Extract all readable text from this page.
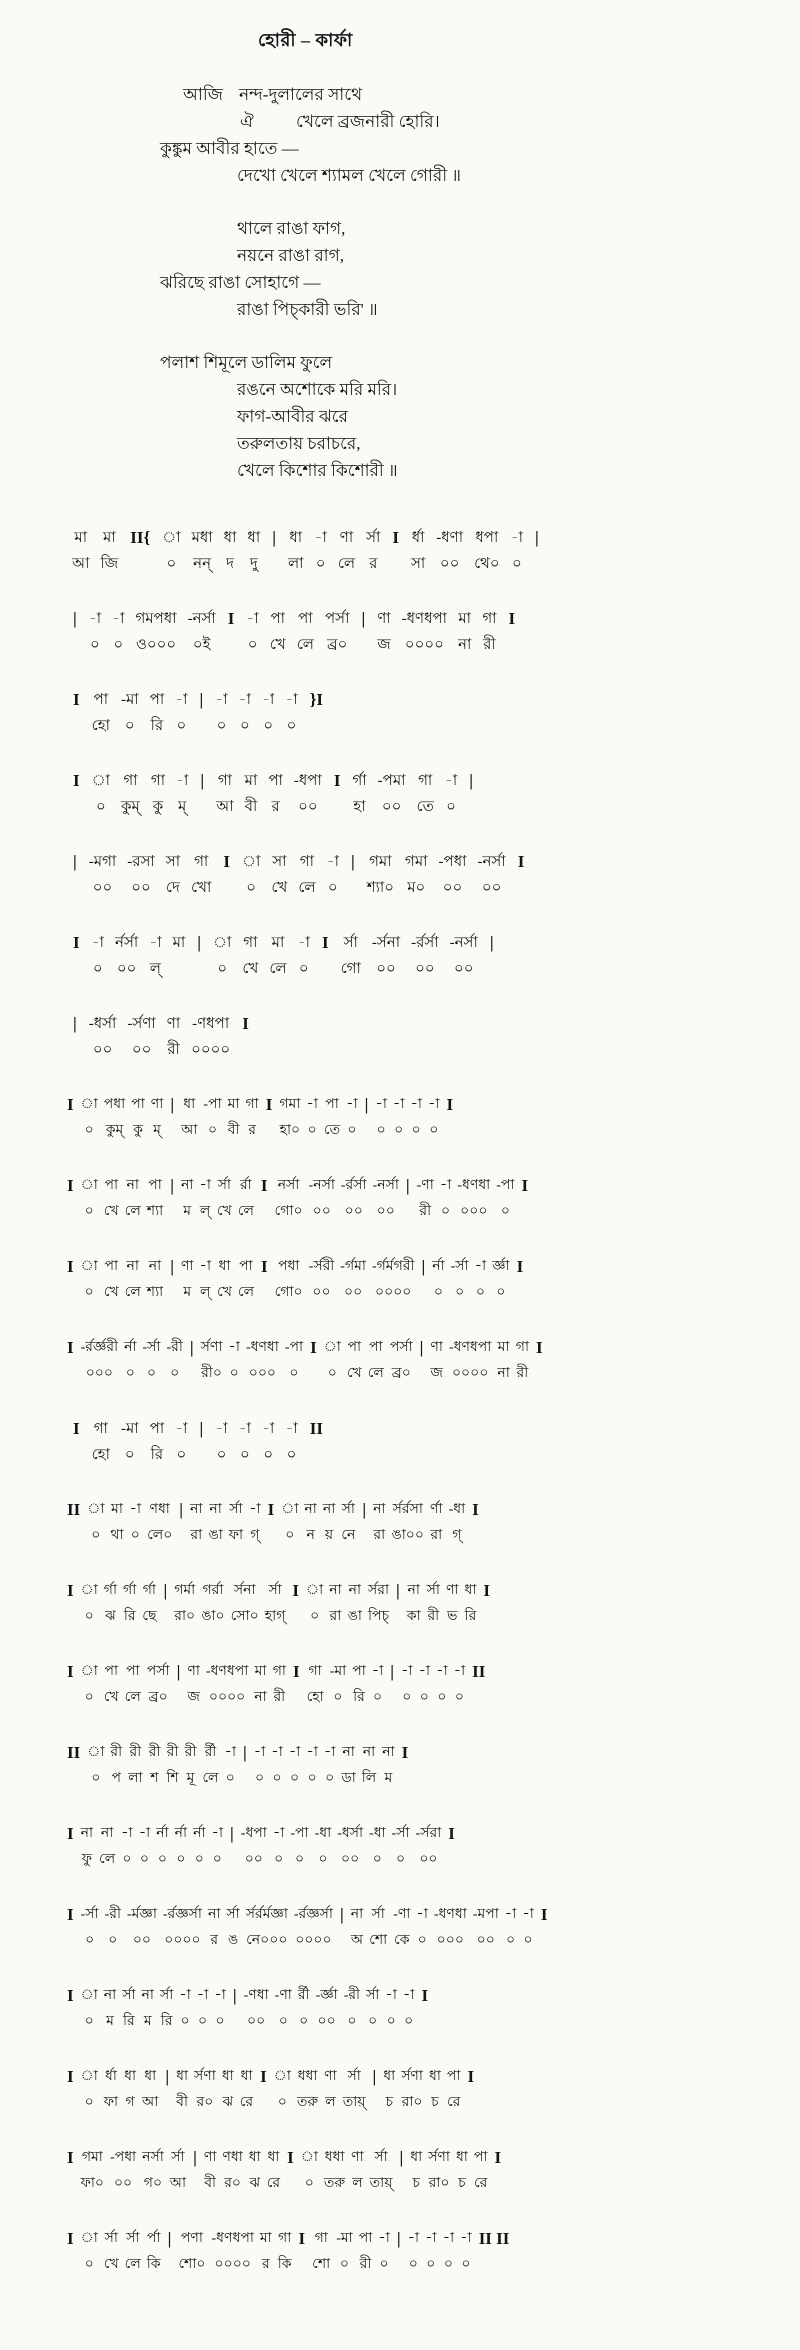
হোরী – কার্ফা
আজি নন্দ-দুলালের সাথে
ঐ খেলে ব্রজনারী হোরি।
কুঙ্কুম আবীর হাতে —
দেখো খেলে শ্যামল খেলে গোরী ॥
থালে রাঙা ফাগ,
নয়নে রাঙা রাগ,
ঝরিছে রাঙা সোহাগে —
রাঙা পিচ্‌কারী ভরি' ॥
পলাশ শিমূলে ডালিম ফুলে
রঙনে অশোকে মরি মরি।
ফাগ-আবীর ঝরে
তরুলতায় চরাচরে,
খেলে কিশোর কিশোরী ॥
মা
আ
মা
জি
II{ া
০
মধা
নন্
ধা
দ
ধা
দু
| ধা
লা
-া
০
ণা
লে
র্সা
র
I র্ধা
সা
-ধণা
০০
ধপা
থে০
-া
০
|
| -া
০
-া
০
গমপধা
ও০০০
-নর্সা
০ই
I -া
০
পা
খে
পা
লে
পর্সা
ব্র০
| ণা
জ
-ধণধপা
০০০০
মা
না
গা
রী
I
I পা
হো
-মা
০
পা
রি
-া
০
| -া
০
-া
০
-া
০
-া
০
}I
I া
০
গা
কুম্
গা
কু
-া
ম্
| গা
আ
মা
বী
পা
র
-ধপা
০০
I র্গা
হা
-পমা
০০
গা
তে
-া
০
|
| -মগা
০০
-রসা
০০
সা
দে
গা
খো
I া
০
সা
খে
গা
লে
-া
০
| গমা
শ্যা০
গমা
ম০
-পধা
০০
-নর্সা
০০
I
I -া
০
র্নর্সা
০০
-া
ল্
মা | া
০
গা
খে
মা
লে
-া
০
I র্সা
গো
-র্সনা
০০
-র্রর্সা
০০
-নর্সা
০০
|
| -ধর্সা
০০
-র্সণা
০০
ণা
রী
-ণধপা
০০০০
I
I া
০
পধা
কুম্
পা
কু
ণা
ম্
| ধা
আ
-পা
০
মা
বী
গা
র
I গমা
হা০
-া
০
পা
তে
-া
০
| -া
০
-া
০
-া
০
-া
০
I
I া
০
পা
খে
না
লে
পা
শ্যা
| না
ম
-া
ল্
র্সা
খে
র্রা
লে
I নর্সা
গো০
-নর্সা
০০
-র্রর্সা
০০
-নর্সা
০০
| -ণা
রী
-া
০
-ধণধা
০০০
-পা
০
I
I া
০
পা
খে
না
লে
না
শ্যা
| ণা
ম
-া
ল্
ধা
খে
পা
লে
I পধা
গো০
-র্সরী
০০
-র্গমা
০০
-র্গর্মগরী
০০০০
| র্না
০
-র্সা
০
-া
০
র্জ্ঞা
০
I
I -র্রর্জ্ঞরী
০০০
র্না
০
-র্সা
০
-রী
০
| র্সণা
রী০
-া
০
-ধণধা
০০০
-পা
০
I া
০
পা
খে
পা
লে
পর্সা
ব্র০
| ণা
জ
-ধণধপা
০০০০
মা
না
গা
রী
I
I গা
হো
-মা
০
পা
রি
-া
০
| -া
০
-া
০
-া
০
-া
০
II
II া
০
মা
থা
-া
০
ণধা
লে০
| না
রা
না
ঙা
র্সা
ফা
-া
গ্
I া
০
না
ন
না
য়
র্সা
নে
| না
রা
র্সর্রসা
ঙা০০
র্ণা
রা
-ধা
গ্
I
I া
০
র্গা
ঝ
র্গা
রি
র্গা
ছে
| গর্মা
রা০
গর্রা
ঙা০
র্সনা
সো০
র্সা
হাগ্
I া
০
না
রা
না
ঙা
র্সরা
পিচ্
| না
কা
র্সা
রী
ণা
ভ
ধা
রি
I
I া
০
পা
খে
পা
লে
পর্সা
ব্র০
| ণা
জ
-ধণধপা
০০০০
মা
না
গা
রী
I গা
হো
-মা
০
পা
রি
-া
০
| -া
০
-া
০
-া
০
-া
০
II
II া
০
রী
প
রী
লা
রী
শ
রী
শি
রী
মূ
র্রী
লে
-া
০
| -া
০
-া
০
-া
০
-া
০
-া
০
না
ডা
না
লি
না
ম
I
I না
ফু
না
লে
-া
০
-া
০
র্না
০
র্না
০
র্না
০
-া
০
| -ধপা
০০
-া
০
-পা
০
-ধা
০
-ধর্সা
০০
-ধা
০
-র্সা
০
-র্সরা
০০
I
I -র্সা
০
-রী
০
-র্মজ্ঞা
০০
-র্রজ্ঞর্সা
০০০০
না
র
র্সা
ঙ
র্সর্রর্মজ্ঞা
নে০০০
-র্রজ্ঞর্সা
০০০০
| না
অ
র্সা
শো
-ণা
কে
-া
০
-ধণধা
০০০
-মপা
০০
-া
০
-া
০
I
I া
০
না
ম
র্সা
রি
না
ম
র্সা
রি
-া
০
-া
০
-া
০
| -ণধা
০০
-ণা
০
র্রী
০
-র্জ্ঞা
০০
-রী
০
র্সা
০
-া
০
-া
০
I
I া
০
র্ধা
ফা
ধা
গ
ধা
আ
| ধা
বী
র্সণা
র০
ধা
ঝ
ধা
রে
I া
০
ধধা
তরু
ণা
ল
র্সা
তায়্
| ধা
চ
র্সণা
রা০
ধা
চ
পা
রে
I
I গমা
ফা০
-পধা
০০
নর্সা
গ০
র্সা
আ
| ণা
বী
ণধা
র০
ধা
ঝ
ধা
রে
I া
০
ধধা
তরু
ণা
ল
র্সা
তায়্
| ধা
চ
র্সণা
রা০
ধা
চ
পা
রে
I
I া
০
র্সা
খে
র্সা
লে
র্পা
কি
| পণা
শো০
-ধণধপা
০০০০
মা
র
গা
কি
I গা
শো
-মা
০
পা
রী
-া
০
| -া
০
-া
০
-া
০
-া
০
II II
